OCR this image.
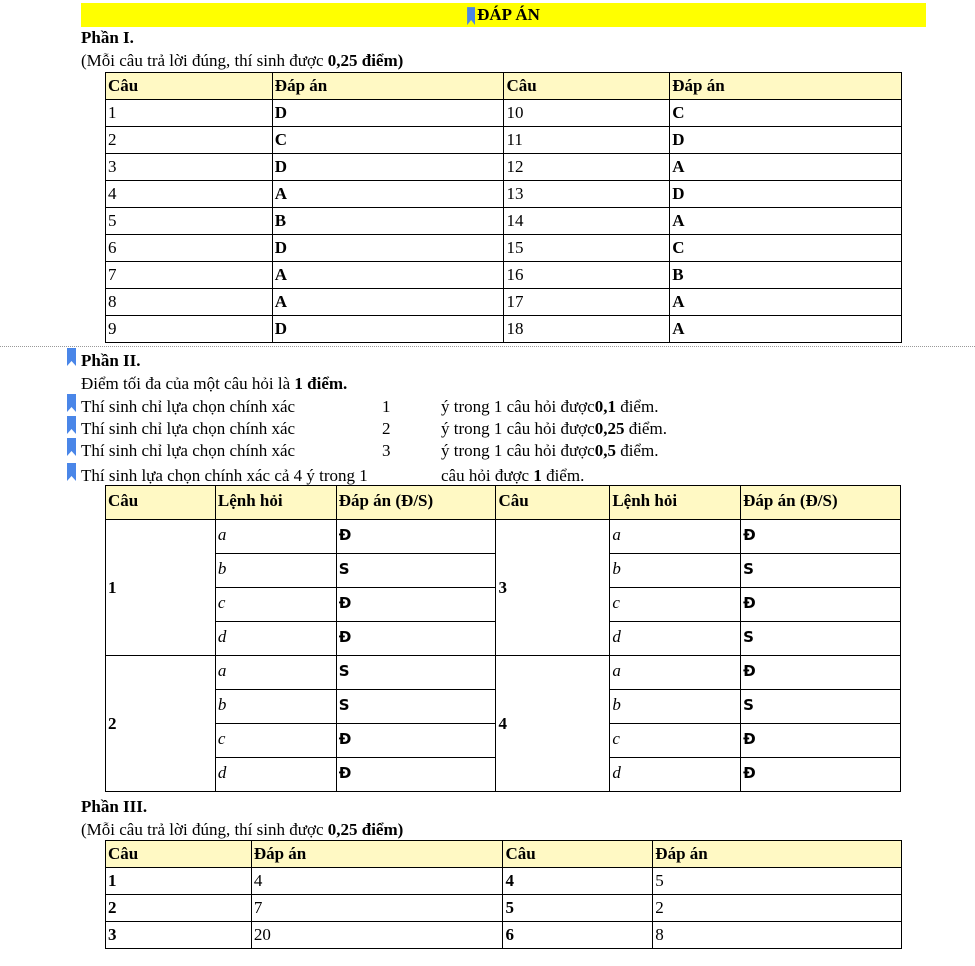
ĐÁP ÁN
Phần I.
(Mỗi câu trả lời đúng, thí sinh được 0,25 điểm)
Câu	Đáp án	Câu	Đáp án
1	D	10	C
2	C	11	D
3	D	12	A
4	A	13	D
5	B	14	A
6	D	15	C
7	A	16	B
8	A	17	A
9	D	18	A
Phần II.
Điểm tối đa của một câu hỏi là 1 điểm.
Thí sinh chỉ lựa chọn chính xác	1	ý trong 1 câu hỏi được0,1 điểm.
Thí sinh chỉ lựa chọn chính xác	2	ý trong 1 câu hỏi được0,25 điểm.
Thí sinh chỉ lựa chọn chính xác	3	ý trong 1 câu hỏi được0,5 điểm.
Thí sinh lựa chọn chính xác cả 4 ý trong 1	câu hỏi được 1 điểm.
Câu	Lệnh hỏi	Đáp án (Đ/S)	Câu	Lệnh hỏi	Đáp án (Đ/S)
1	a	Đ	3	a	Đ
	b	S		b	S
	c	Đ		c	Đ
	d	Đ		d	S
2	a	S	4	a	Đ
	b	S		b	S
	c	Đ		c	Đ
	d	Đ		d	Đ
Phần III.
(Mỗi câu trả lời đúng, thí sinh được 0,25 điểm)
Câu	Đáp án	Câu	Đáp án
1	4	4	5
2	7	5	2
3	20	6	8
